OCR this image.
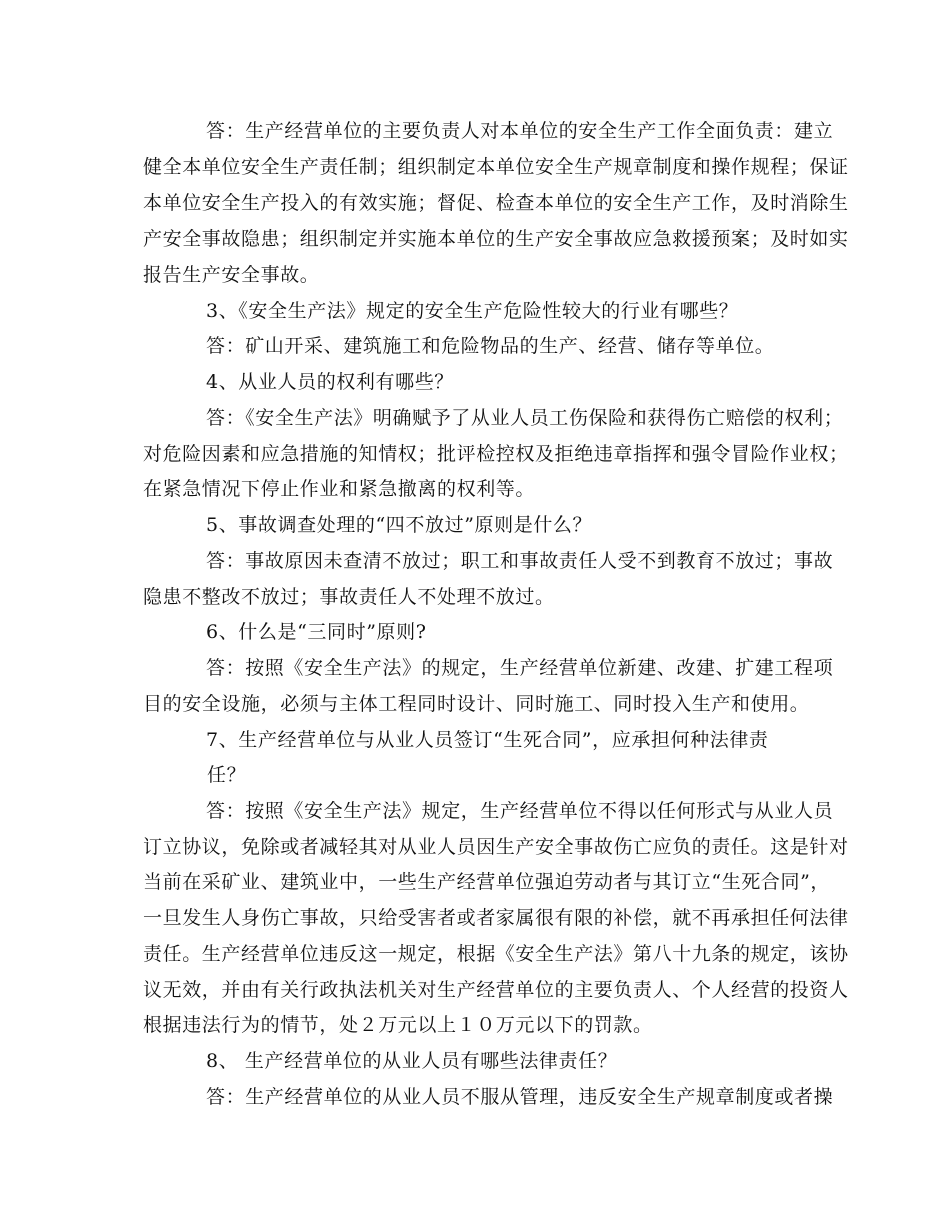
答：生产经营单位的主要负责人对本单位的安全生产工作全面负责：建立
健全本单位安全生产责任制；组织制定本单位安全生产规章制度和操作规程；保证
本单位安全生产投入的有效实施；督促、检查本单位的安全生产工作，及时消除生
产安全事故隐患；组织制定并实施本单位的生产安全事故应急救援预案；及时如实
报告生产安全事故。
3、《安全生产法》规定的安全生产危险性较大的行业有哪些？
答：矿山开采、建筑施工和危险物品的生产、经营、储存等单位。
4、从业人员的权利有哪些？
答：《安全生产法》明确赋予了从业人员工伤保险和获得伤亡赔偿的权利；
对危险因素和应急措施的知情权；批评检控权及拒绝违章指挥和强令冒险作业权；
在紧急情况下停止作业和紧急撤离的权利等。
5、事故调查处理的“四不放过”原则是什么？
答：事故原因未查清不放过；职工和事故责任人受不到教育不放过；事故
隐患不整改不放过；事故责任人不处理不放过。
6、什么是“三同时”原则?
答：按照《安全生产法》的规定，生产经营单位新建、改建、扩建工程项
目的安全设施，必须与主体工程同时设计、同时施工、同时投入生产和使用。
7、生产经营单位与从业人员签订“生死合同”，应承担何种法律责
任？
答：按照《安全生产法》规定，生产经营单位不得以任何形式与从业人员
订立协议，免除或者减轻其对从业人员因生产安全事故伤亡应负的责任。这是针对
当前在采矿业、建筑业中，一些生产经营单位强迫劳动者与其订立“生死合同”，
一旦发生人身伤亡事故，只给受害者或者家属很有限的补偿，就不再承担任何法律
责任。生产经营单位违反这一规定，根据《安全生产法》第八十九条的规定，该协
议无效，并由有关行政执法机关对生产经营单位的主要负责人、个人经营的投资人
根据违法行为的情节，处２万元以上１０万元以下的罚款。
8、 生产经营单位的从业人员有哪些法律责任？
答：生产经营单位的从业人员不服从管理，违反安全生产规章制度或者操
